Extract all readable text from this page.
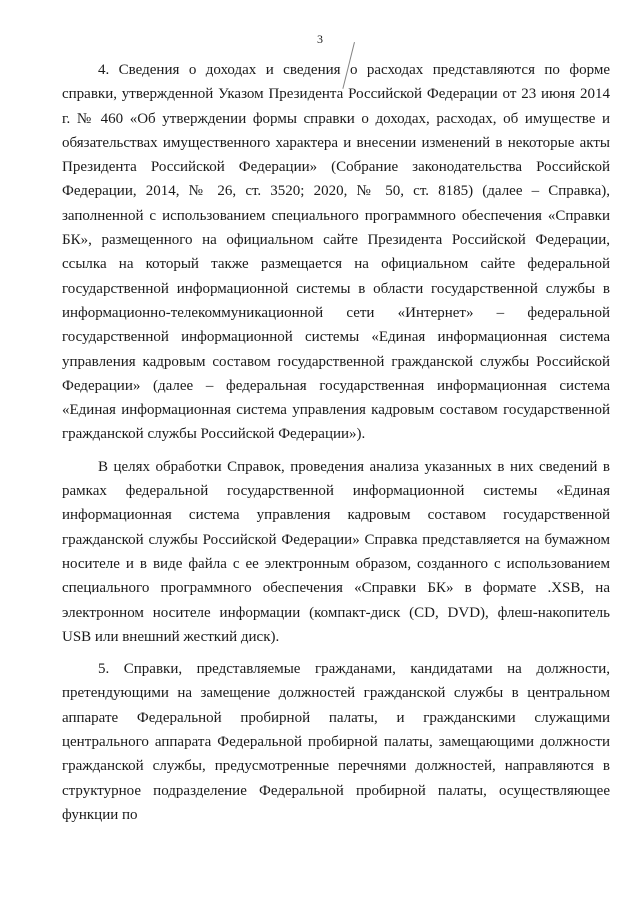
3

4. Сведения о доходах и сведения о расходах представляются по форме справки, утвержденной Указом Президента Российской Федерации от 23 июня 2014 г. № 460 «Об утверждении формы справки о доходах, расходах, об имуществе и обязательствах имущественного характера и внесении изменений в некоторые акты Президента Российской Федерации» (Собрание законодательства Российской Федерации, 2014, № 26, ст. 3520; 2020, № 50, ст. 8185) (далее – Справка), заполненной с использованием специального программного обеспечения «Справки БК», размещенного на официальном сайте Президента Российской Федерации, ссылка на который также размещается на официальном сайте федеральной государственной информационной системы в области государственной службы в информационно-телекоммуникационной сети «Интернет» – федеральной государственной информационной системы «Единая информационная система управления кадровым составом государственной гражданской службы Российской Федерации» (далее – федеральная государственная информационная система «Единая информационная система управления кадровым составом государственной гражданской службы Российской Федерации»).

В целях обработки Справок, проведения анализа указанных в них сведений в рамках федеральной государственной информационной системы «Единая информационная система управления кадровым составом государственной гражданской службы Российской Федерации» Справка представляется на бумажном носителе и в виде файла с ее электронным образом, созданного с использованием специального программного обеспечения «Справки БК» в формате .XSB, на электронном носителе информации (компакт-диск (CD, DVD), флеш-накопитель USB или внешний жесткий диск).

5. Справки, представляемые гражданами, кандидатами на должности, претендующими на замещение должностей гражданской службы в центральном аппарате Федеральной пробирной палаты, и гражданскими служащими центрального аппарата Федеральной пробирной палаты, замещающими должности гражданской службы, предусмотренные перечнями должностей, направляются в структурное подразделение Федеральной пробирной палаты, осуществляющее функции по
